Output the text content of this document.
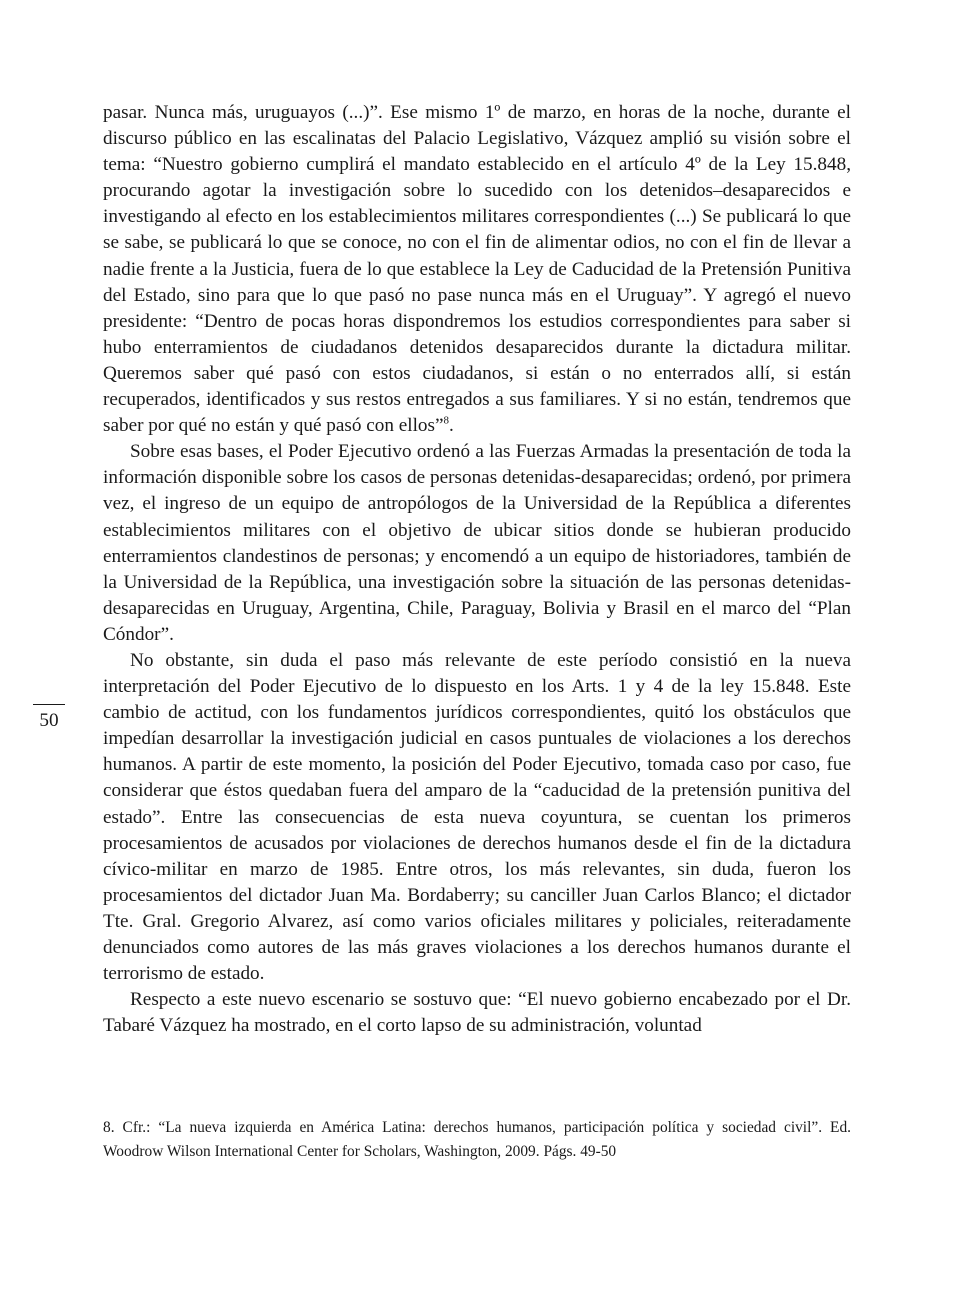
pasar. Nunca más, uruguayos (...)”. Ese mismo 1º de marzo, en horas de la noche, durante el discurso público en las escalinatas del Palacio Legislativo, Vázquez amplió su visión sobre el tema: “Nuestro gobierno cumplirá el mandato establecido en el artículo 4º de la Ley 15.848, procurando agotar la investigación sobre lo sucedido con los detenidos–desaparecidos e investigando al efecto en los establecimientos militares correspondientes (...) Se publicará lo que se sabe, se publicará lo que se conoce, no con el fin de alimentar odios, no con el fin de llevar a nadie frente a la Justicia, fuera de lo que establece la Ley de Caducidad de la Pretensión Punitiva del Estado, sino para que lo que pasó no pase nunca más en el Uruguay”. Y agregó el nuevo presidente: “Dentro de pocas horas dispondremos los estudios correspondientes para saber si hubo enterramientos de ciudadanos detenidos desaparecidos durante la dictadura militar. Queremos saber qué pasó con estos ciudadanos, si están o no enterrados allí, si están recuperados, identificados y sus restos entregados a sus familiares. Y si no están, tendremos que saber por qué no están y qué pasó con ellos”$^8$.

Sobre esas bases, el Poder Ejecutivo ordenó a las Fuerzas Armadas la presentación de toda la información disponible sobre los casos de personas detenidas-desaparecidas; ordenó, por primera vez, el ingreso de un equipo de antropólogos de la Universidad de la República a diferentes establecimientos militares con el objetivo de ubicar sitios donde se hubieran producido enterramientos clandestinos de personas; y encomendó a un equipo de historiadores, también de la Universidad de la República, una investigación sobre la situación de las personas detenidas-desaparecidas en Uruguay, Argentina, Chile, Paraguay, Bolivia y Brasil en el marco del “Plan Cóndor”.

No obstante, sin duda el paso más relevante de este período consistió en la nueva interpretación del Poder Ejecutivo de lo dispuesto en los Arts. 1 y 4 de la ley 15.848. Este cambio de actitud, con los fundamentos jurídicos correspondientes, quitó los obstáculos que impedían desarrollar la investigación judicial en casos puntuales de violaciones a los derechos humanos. A partir de este momento, la posición del Poder Ejecutivo, tomada caso por caso, fue considerar que éstos quedaban fuera del amparo de la “caducidad de la pretensión punitiva del estado”. Entre las consecuencias de esta nueva coyuntura, se cuentan los primeros procesamientos de acusados por violaciones de derechos humanos desde el fin de la dictadura cívico-militar en marzo de 1985. Entre otros, los más relevantes, sin duda, fueron los procesamientos del dictador Juan Ma. Bordaberry; su canciller Juan Carlos Blanco; el dictador Tte. Gral. Gregorio Alvarez, así como varios oficiales militares y policiales, reiteradamente denunciados como autores de las más graves violaciones a los derechos humanos durante el terrorismo de estado.

Respecto a este nuevo escenario se sostuvo que: “El nuevo gobierno encabezado por el Dr. Tabaré Vázquez ha mostrado, en el corto lapso de su administración, voluntad

50

8. Cfr.: “La nueva izquierda en América Latina: derechos humanos, participación política y sociedad civil”. Ed. Woodrow Wilson International Center for Scholars, Washington, 2009. Págs. 49-50
